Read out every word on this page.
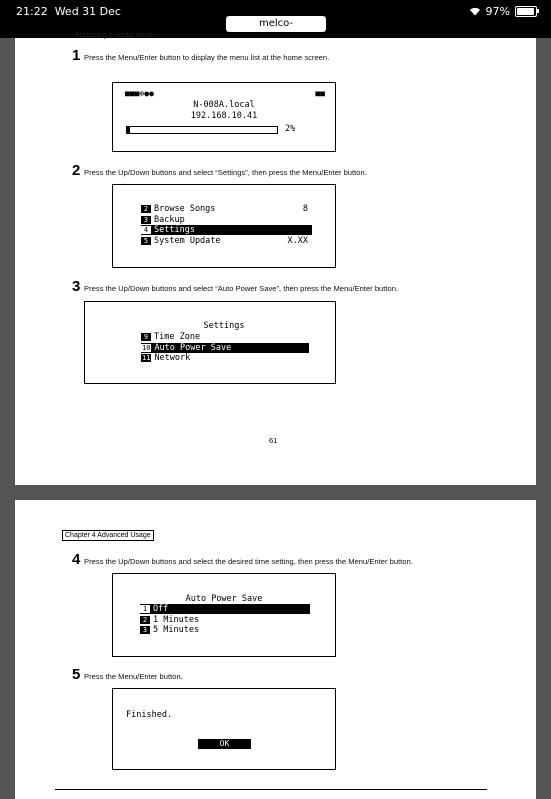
21:22 Wed 31 Dec
melco-
97%
Accessing a media server.
1 Press the Menu/Enter button to display the menu list at the home screen.
■■■⊕●●	■■
N-008A.local
192.168.10.41
2%
2 Press the Up/Down buttons and select “Settings”, then press the Menu/Enter button.
2 Browse Songs	8
3 Backup
4 Settings
5 System Update	X.XX
3 Press the Up/Down buttons and select “Auto Power Save”, then press the Menu/Enter button.
Settings
9 Time Zone
10 Auto Power Save
11 Network
61
Chapter 4 Advanced Usage
4 Press the Up/Down buttons and select the desired time setting, then press the Menu/Enter button.
Auto Power Save
1 Off
2 1 Minutes
3 5 Minutes
5 Press the Menu/Enter button.
Finished.
OK
